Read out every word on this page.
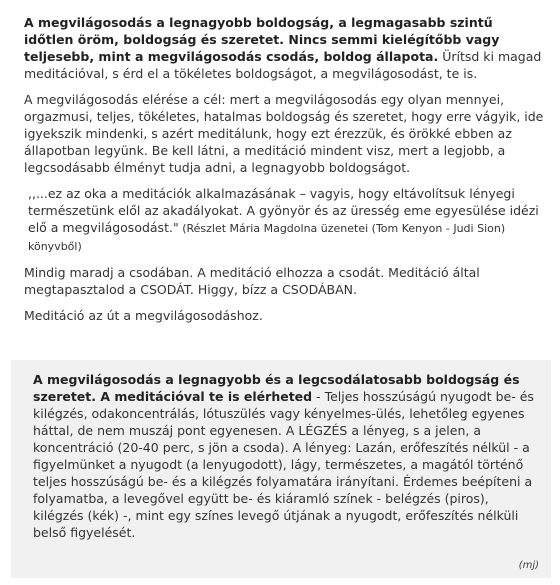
A megvilágosodás a legnagyobb boldogság, a legmagasabb szintű időtlen öröm, boldogság és szeretet. Nincs semmi kielégítőbb vagy teljesebb, mint a megvilágosodás csodás, boldog állapota. Ürítsd ki magad meditációval, s érd el a tökéletes boldogságot, a megvilágosodást, te is.

A megvilágosodás elérése a cél: mert a megvilágosodás egy olyan mennyei, orgazmusi, teljes, tökéletes, hatalmas boldogság és szeretet, hogy erre vágyik, ide igyekszik mindenki, s azért meditálunk, hogy ezt érezzük, és örökké ebben az állapotban legyünk. Be kell látni, a meditáció mindent visz, mert a legjobb, a legcsodásabb élményt tudja adni, a legnagyobb boldogságot.

,,...ez az oka a meditációk alkalmazásának – vagyis, hogy eltávolítsuk lényegi természetünk elől az akadályokat. A gyönyör és az üresség eme egyesülése idézi elő a megvilágosodást." (Részlet Mária Magdolna üzenetei (Tom Kenyon - Judi Sion) könyvből)

Mindig maradj a csodában. A meditáció elhozza a csodát. Meditáció által megtapasztalod a CSODÁT. Higgy, bízz a CSODÁBAN.

Meditáció az út a megvilágosodáshoz.

A megvilágosodás a legnagyobb és a legcsodálatosabb boldogság és szeretet. A meditációval te is elérheted - Teljes hosszúságú nyugodt be- és kilégzés, odakoncentrálás, lótuszülés vagy kényelmes-ülés, lehetőleg egyenes háttal, de nem muszáj pont egyenesen. A LÉGZÉS a lényeg, s a jelen, a koncentráció (20-40 perc, s jön a csoda). A lényeg: Lazán, erőfeszítés nélkül - a figyelmünket a nyugodt (a lenyugodott), lágy, természetes, a magától történő teljes hosszúságú be- és a kilégzés folyamatára irányítani. Érdemes beépíteni a folyamatba, a levegővel együtt be- és kiáramló színek - belégzés (piros), kilégzés (kék) -, mint egy színes levegő útjának a nyugodt, erőfeszítés nélküli belső figyelését.
(mj)
